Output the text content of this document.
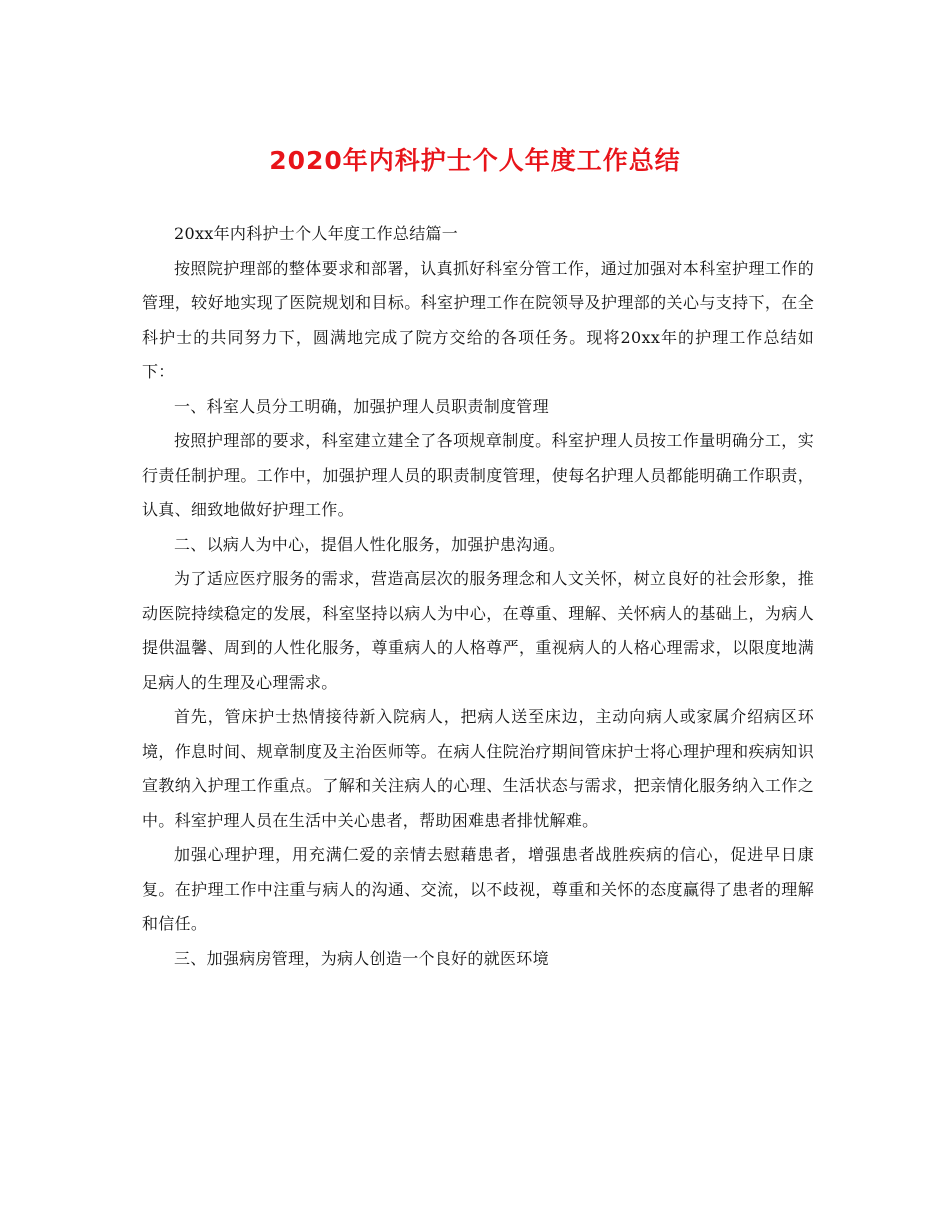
2020年内科护士个人年度工作总结

20xx年内科护士个人年度工作总结篇一

按照院护理部的整体要求和部署，认真抓好科室分管工作，通过加强对本科室护理工作的管理，较好地实现了医院规划和目标。科室护理工作在院领导及护理部的关心与支持下，在全科护士的共同努力下，圆满地完成了院方交给的各项任务。现将20xx年的护理工作总结如下：

一、科室人员分工明确，加强护理人员职责制度管理

按照护理部的要求，科室建立建全了各项规章制度。科室护理人员按工作量明确分工，实行责任制护理。工作中，加强护理人员的职责制度管理，使每名护理人员都能明确工作职责，认真、细致地做好护理工作。

二、以病人为中心，提倡人性化服务，加强护患沟通。

为了适应医疗服务的需求，营造高层次的服务理念和人文关怀，树立良好的社会形象，推动医院持续稳定的发展，科室坚持以病人为中心，在尊重、理解、关怀病人的基础上，为病人提供温馨、周到的人性化服务，尊重病人的人格尊严，重视病人的人格心理需求，以限度地满足病人的生理及心理需求。

首先，管床护士热情接待新入院病人，把病人送至床边，主动向病人或家属介绍病区环境，作息时间、规章制度及主治医师等。在病人住院治疗期间管床护士将心理护理和疾病知识宣教纳入护理工作重点。了解和关注病人的心理、生活状态与需求，把亲情化服务纳入工作之中。科室护理人员在生活中关心患者，帮助困难患者排忧解难。

加强心理护理，用充满仁爱的亲情去慰藉患者，增强患者战胜疾病的信心，促进早日康复。在护理工作中注重与病人的沟通、交流，以不歧视，尊重和关怀的态度赢得了患者的理解和信任。

三、加强病房管理，为病人创造一个良好的就医环境
